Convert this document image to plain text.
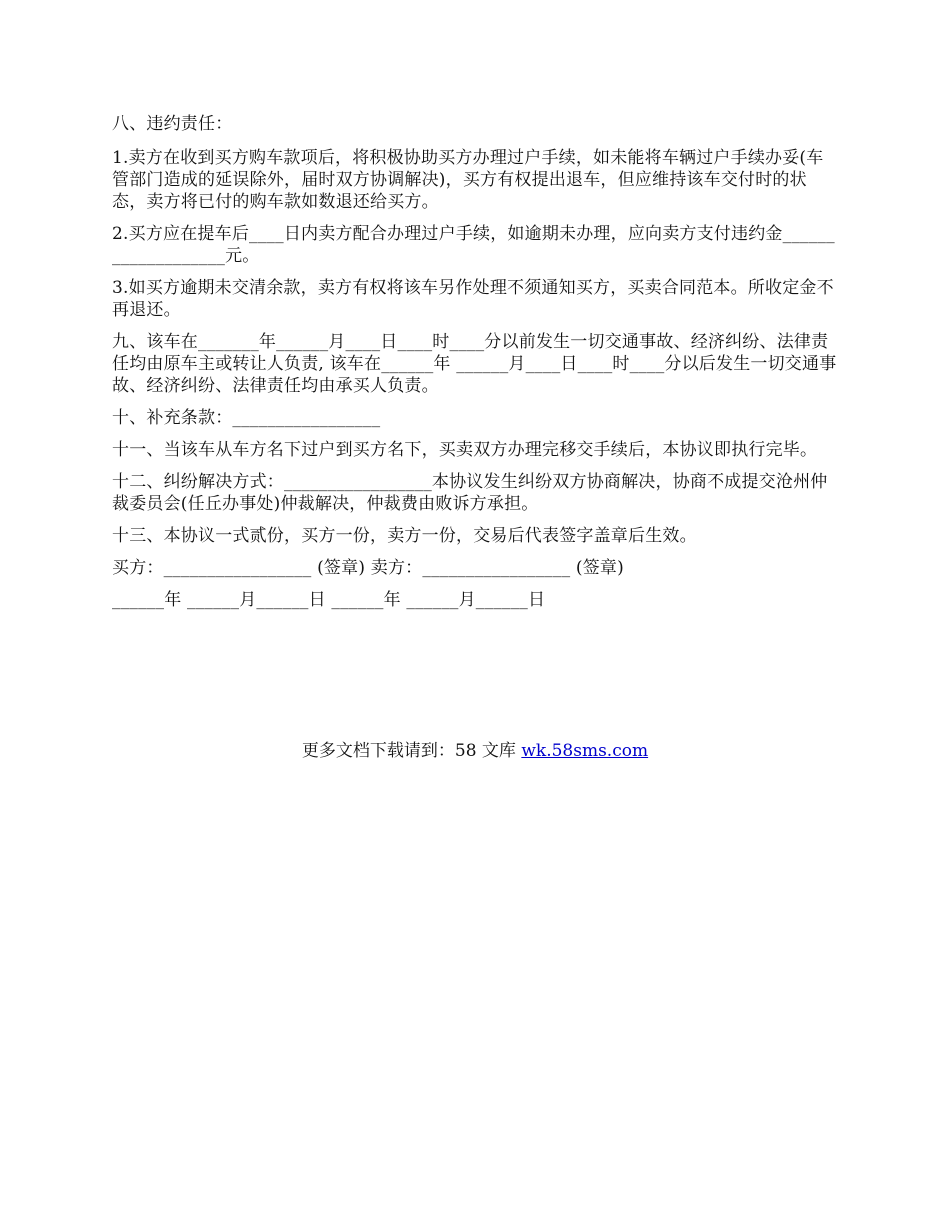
八、违约责任：

1.卖方在收到买方购车款项后，将积极协助买方办理过户手续，如未能将车辆过户手续办妥(车管部门造成的延误除外，届时双方协调解决)，买方有权提出退车，但应维持该车交付时的状态，卖方将已付的购车款如数退还给买方。

2.买方应在提车后____日内卖方配合办理过户手续，如逾期未办理，应向卖方支付违约金___________________元。

3.如买方逾期未交清余款，卖方有权将该车另作处理不须通知买方，买卖合同范本。所收定金不再退还。

九、该车在_______年______月____日____时____分以前发生一切交通事故、经济纠纷、法律责任均由原车主或转让人负责, 该车在______年 ______月____日____时____分以后发生一切交通事故、经济纠纷、法律责任均由承买人负责。

十、补充条款：_________________

十一、当该车从车方名下过户到买方名下，买卖双方办理完移交手续后，本协议即执行完毕。

十二、纠纷解决方式：_________________本协议发生纠纷双方协商解决，协商不成提交沧州仲裁委员会(任丘办事处)仲裁解决，仲裁费由败诉方承担。

十三、本协议一式贰份，买方一份，卖方一份，交易后代表签字盖章后生效。

买方：_________________ (签章) 卖方：_________________ (签章)

______年 ______月______日 ______年 ______月______日

更多文档下载请到：58 文库 wk.58sms.com
